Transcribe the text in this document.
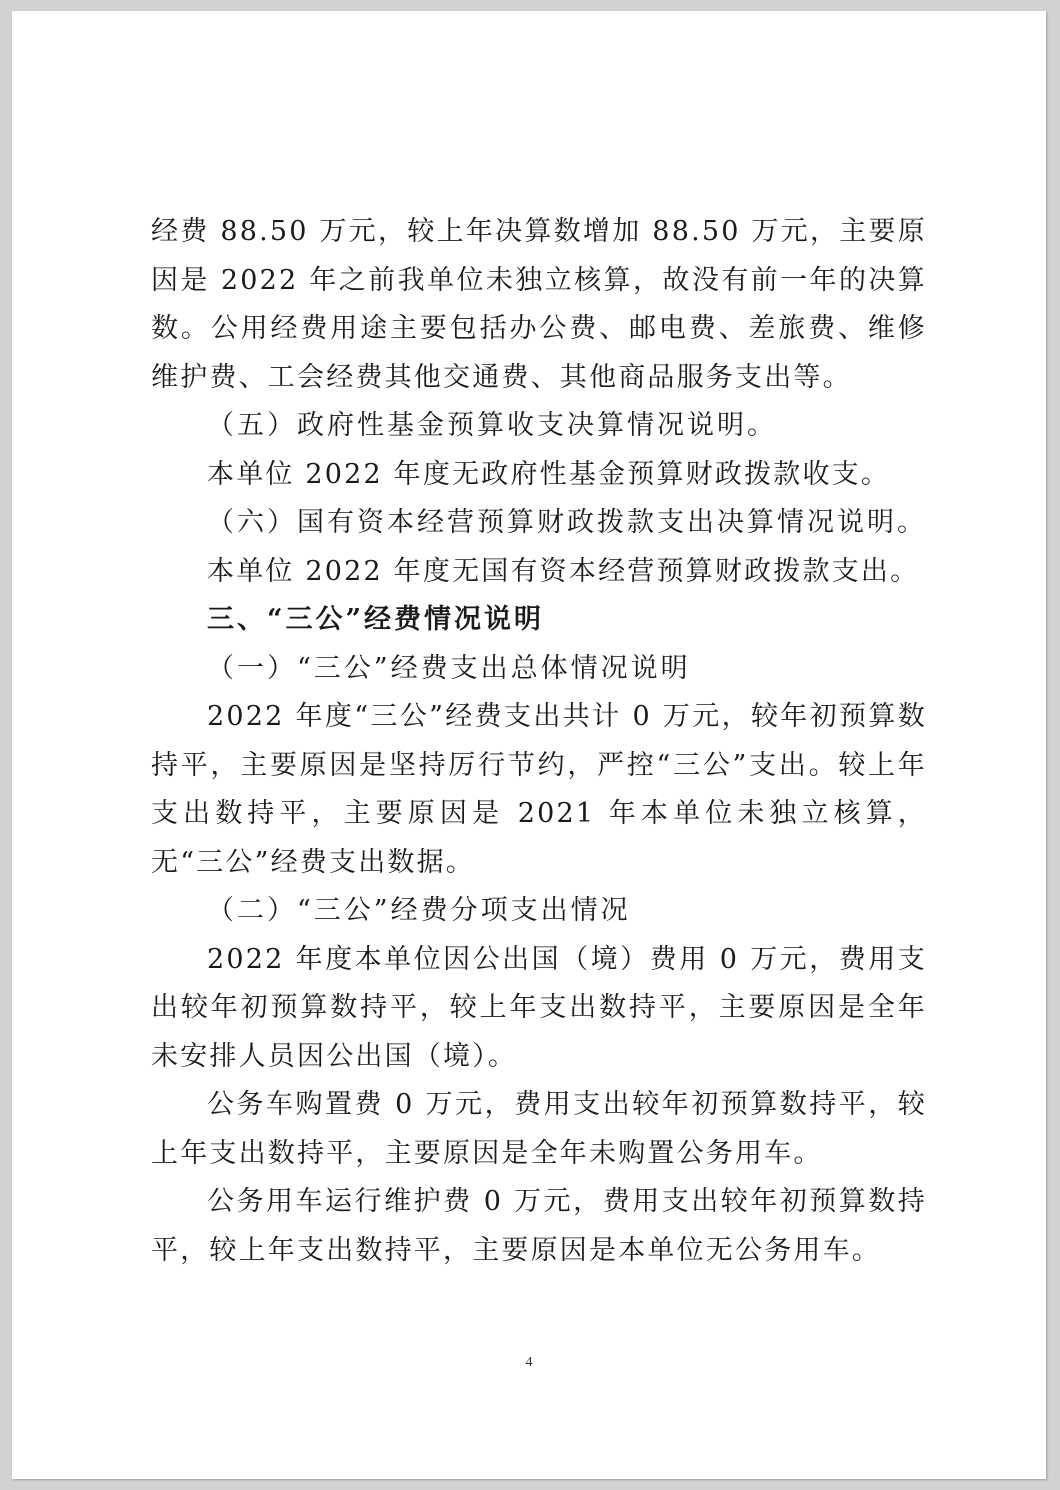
经费 88.50 万元，较上年决算数增加 88.50 万元，主要原因是 2022 年之前我单位未独立核算，故没有前一年的决算数。公用经费用途主要包括办公费、邮电费、差旅费、维修维护费、工会经费其他交通费、其他商品服务支出等。

（五）政府性基金预算收支决算情况说明。

本单位 2022 年度无政府性基金预算财政拨款收支。

（六）国有资本经营预算财政拨款支出决算情况说明。

本单位 2022 年度无国有资本经营预算财政拨款支出。

三、“三公”经费情况说明

（一）“三公”经费支出总体情况说明

2022 年度“三公”经费支出共计 0 万元，较年初预算数持平，主要原因是坚持厉行节约，严控“三公”支出。较上年支出数持平，主要原因是 2021 年本单位未独立核算，无“三公”经费支出数据。

（二）“三公”经费分项支出情况

2022 年度本单位因公出国（境）费用 0 万元，费用支出较年初预算数持平，较上年支出数持平，主要原因是全年未安排人员因公出国（境）。

公务车购置费 0 万元，费用支出较年初预算数持平，较上年支出数持平，主要原因是全年未购置公务用车。

公务用车运行维护费 0 万元，费用支出较年初预算数持平，较上年支出数持平，主要原因是本单位无公务用车。

4
